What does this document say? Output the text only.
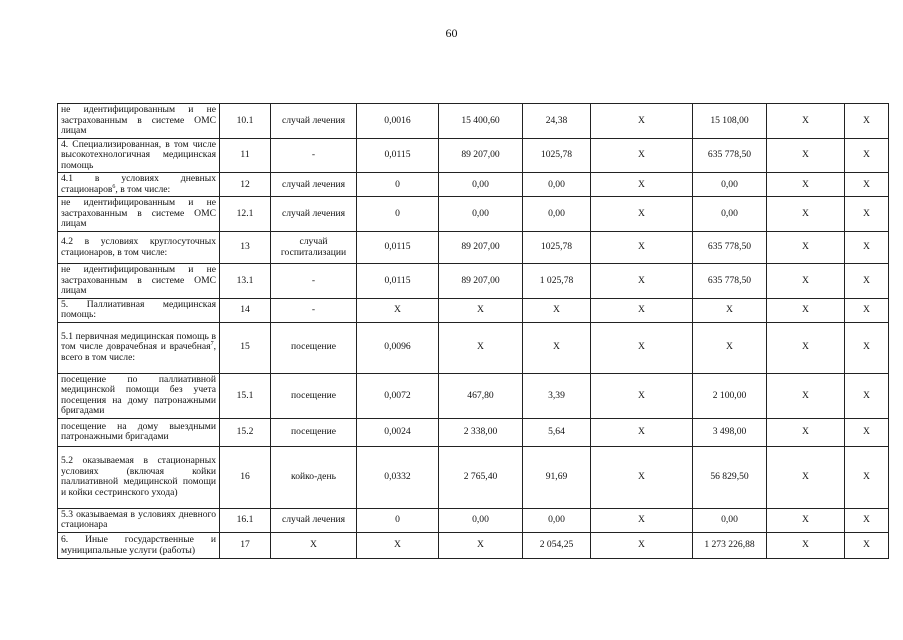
60
не идентифицированным и не застрахованным в системе ОМС лицам	10.1	случай лечения	0,0016	15 400,60	24,38	X	15 108,00	X	X
4. Специализированная, в том числе высокотехнологичная медицинская помощь	11	-	0,0115	89 207,00	1025,78	X	635 778,50	X	X
4.1 в условиях дневных стационаров$^6$, в том числе:	12	случай лечения	0	0,00	0,00	X	0,00	X	X
не идентифицированным и не застрахованным в системе ОМС лицам	12.1	случай лечения	0	0,00	0,00	X	0,00	X	X
4.2 в условиях круглосуточных стационаров, в том числе:	13	случай госпитализации	0,0115	89 207,00	1025,78	X	635 778,50	X	X
не идентифицированным и не застрахованным в системе ОМС лицам	13.1	-	0,0115	89 207,00	1 025,78	X	635 778,50	X	X
5. Паллиативная медицинская помощь:	14	-	X	X	X	X	X	X	X
5.1 первичная медицинская помощь в том числе доврачебная и врачебная$^7$, всего в том числе:	15	посещение	0,0096	X	X	X	X	X	X
посещение по паллиативной медицинской помощи без учета посещения на дому патронажными бригадами	15.1	посещение	0,0072	467,80	3,39	X	2 100,00	X	X
посещение на дому выездными патронажными бригадами	15.2	посещение	0,0024	2 338,00	5,64	X	3 498,00	X	X
5.2 оказываемая в стационарных условиях (включая койки паллиативной медицинской помощи и койки сестринского ухода)	16	койко-день	0,0332	2 765,40	91,69	X	56 829,50	X	X
5.3 оказываемая в условиях дневного стационара	16.1	случай лечения	0	0,00	0,00	X	0,00	X	X
6. Иные государственные и муниципальные услуги (работы)	17	X	X	X	2 054,25	X	1 273 226,88	X	X
